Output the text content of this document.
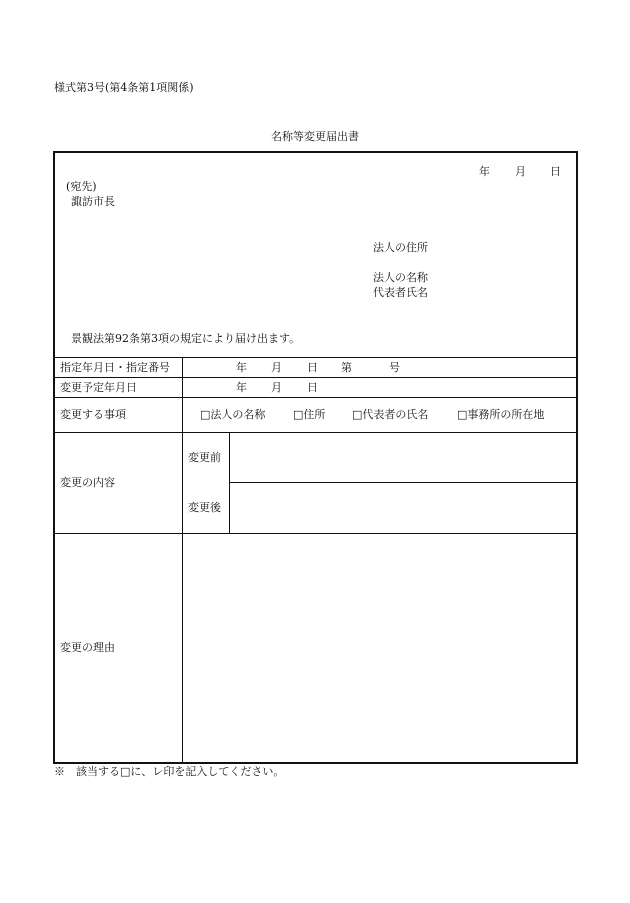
様式第3号(第4条第1項関係)
名称等変更届出書
年 月 日
(宛先)
諏訪市長
法人の住所
法人の名称
代表者氏名
景観法第92条第3項の規定により届け出ます。
指定年月日・指定番号	年 月 日 第	号
変更予定年月日	年 月 日
変更する事項	□法人の名称	□住所 □代表者の氏名	□事務所の所在地
変更の内容
変更前
変更後
変更の理由
※　該当する□に、レ印を記入してください。
